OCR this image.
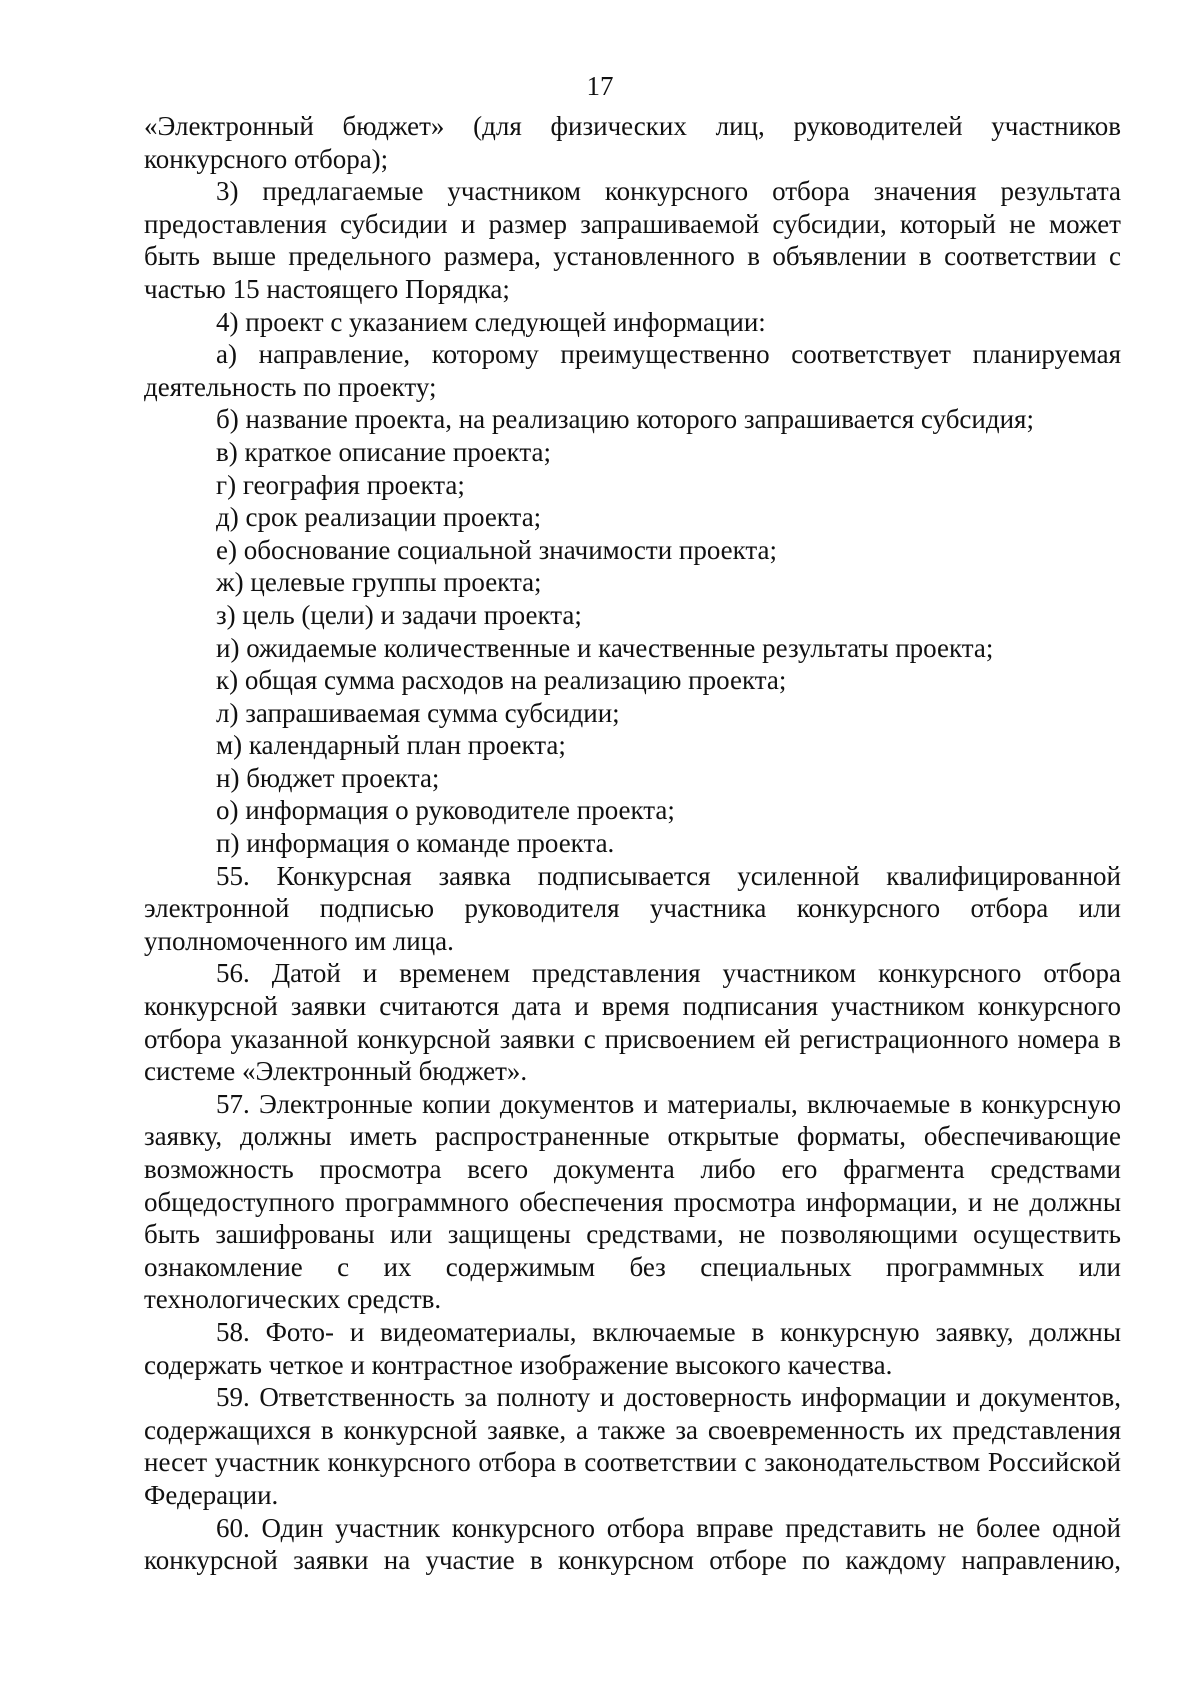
17

«Электронный бюджет» (для физических лиц, руководителей участников конкурсного отбора);

3) предлагаемые участником конкурсного отбора значения результата предоставления субсидии и размер запрашиваемой субсидии, который не может быть выше предельного размера, установленного в объявлении в соответствии с частью 15 настоящего Порядка;

4) проект с указанием следующей информации:

а) направление, которому преимущественно соответствует планируемая деятельность по проекту;

б) название проекта, на реализацию которого запрашивается субсидия;

в) краткое описание проекта;

г) география проекта;

д) срок реализации проекта;

е) обоснование социальной значимости проекта;

ж) целевые группы проекта;

з) цель (цели) и задачи проекта;

и) ожидаемые количественные и качественные результаты проекта;

к) общая сумма расходов на реализацию проекта;

л) запрашиваемая сумма субсидии;

м) календарный план проекта;

н) бюджет проекта;

о) информация о руководителе проекта;

п) информация о команде проекта.

55. Конкурсная заявка подписывается усиленной квалифицированной электронной подписью руководителя участника конкурсного отбора или уполномоченного им лица.

56. Датой и временем представления участником конкурсного отбора конкурсной заявки считаются дата и время подписания участником конкурсного отбора указанной конкурсной заявки с присвоением ей регистрационного номера в системе «Электронный бюджет».

57. Электронные копии документов и материалы, включаемые в конкурсную заявку, должны иметь распространенные открытые форматы, обеспечивающие возможность просмотра всего документа либо его фрагмента средствами общедоступного программного обеспечения просмотра информации, и не должны быть зашифрованы или защищены средствами, не позволяющими осуществить ознакомление с их содержимым без специальных программных или технологических средств.

58. Фото- и видеоматериалы, включаемые в конкурсную заявку, должны содержать четкое и контрастное изображение высокого качества.

59. Ответственность за полноту и достоверность информации и документов, содержащихся в конкурсной заявке, а также за своевременность их представления несет участник конкурсного отбора в соответствии с законодательством Российской Федерации.

60. Один участник конкурсного отбора вправе представить не более одной конкурсной заявки на участие в конкурсном отборе по каждому направлению,
